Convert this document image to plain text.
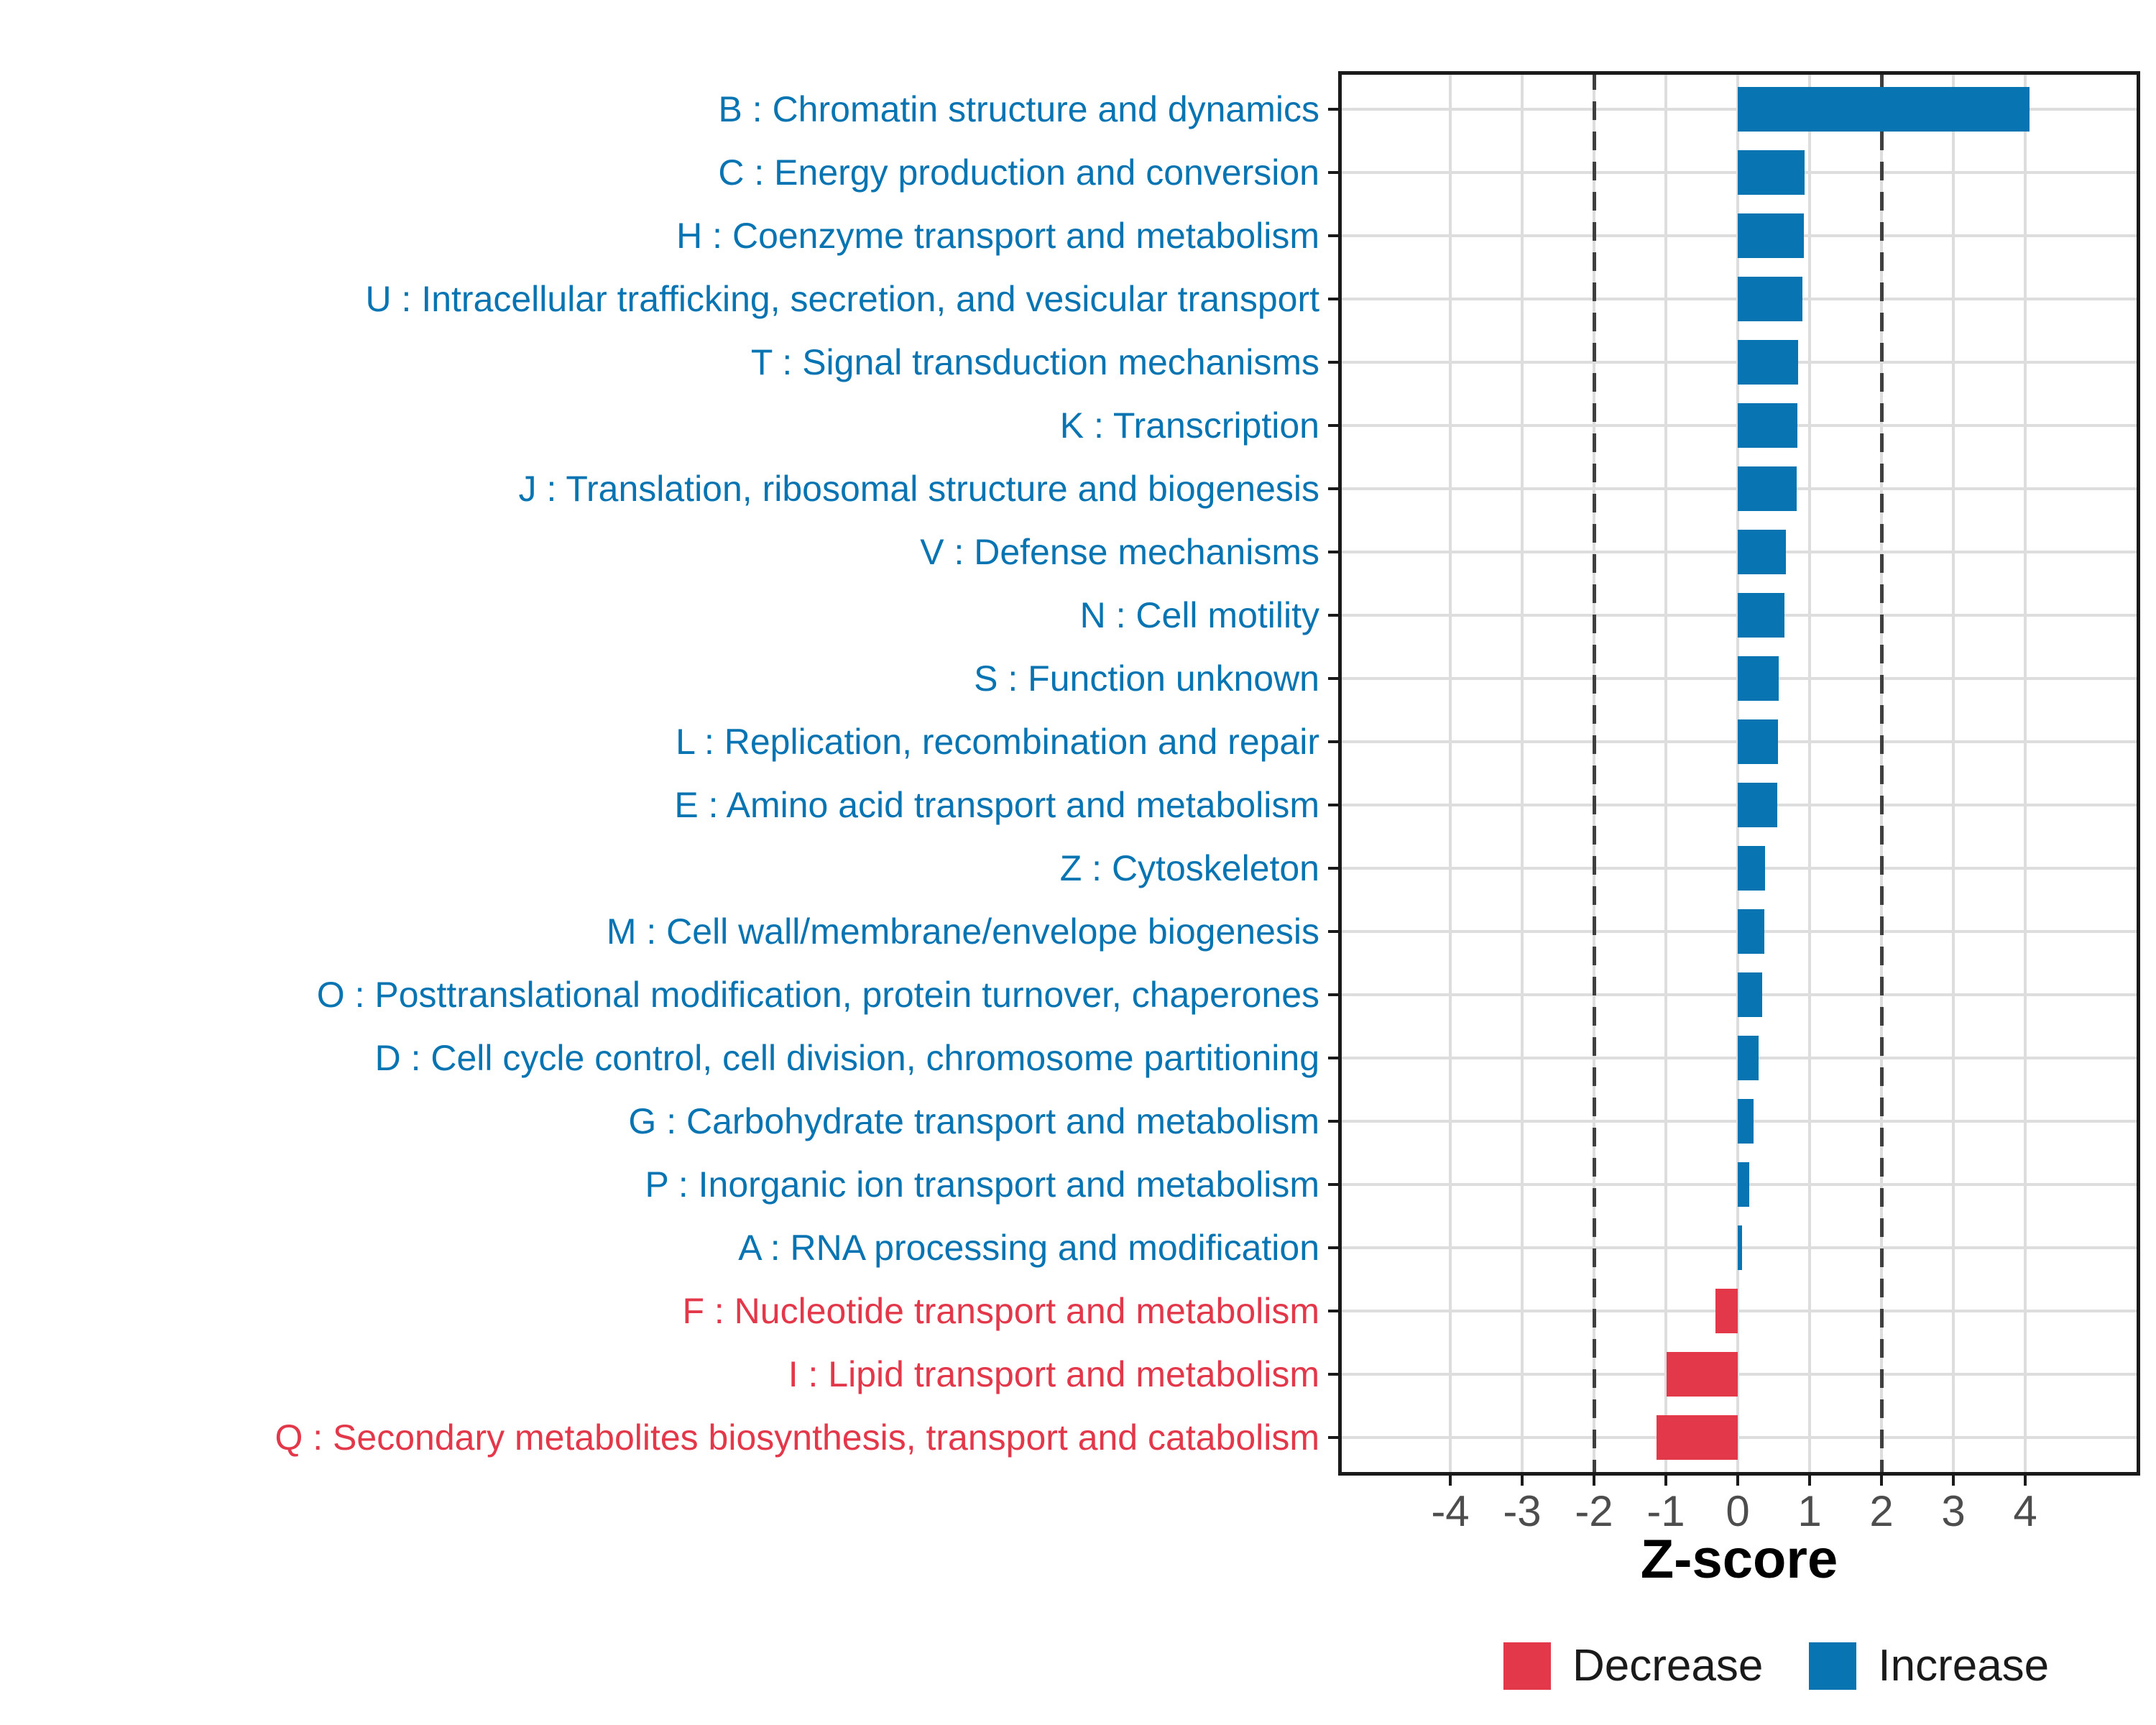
-4 -3 -2 -1 0	1	2	3	4
B : Chromatin structure and dynamics
C : Energy production and conversion
H : Coenzyme transport and metabolism
U : Intracellular trafficking, secretion, and vesicular transport
T : Signal transduction mechanisms
K : Transcription
J : Translation, ribosomal structure and biogenesis
V : Defense mechanisms
N : Cell motility
S : Function unknown
L : Replication, recombination and repair
E : Amino acid transport and metabolism
Z : Cytoskeleton
M : Cell wall/membrane/envelope biogenesis
O : Posttranslational modification, protein turnover, chaperones
D : Cell cycle control, cell division, chromosome partitioning
G : Carbohydrate transport and metabolism
P : Inorganic ion transport and metabolism
A : RNA processing and modification
F : Nucleotide transport and metabolism
I : Lipid transport and metabolism
Q : Secondary metabolites biosynthesis, transport and catabolism
Z-score
Decrease	Increase
